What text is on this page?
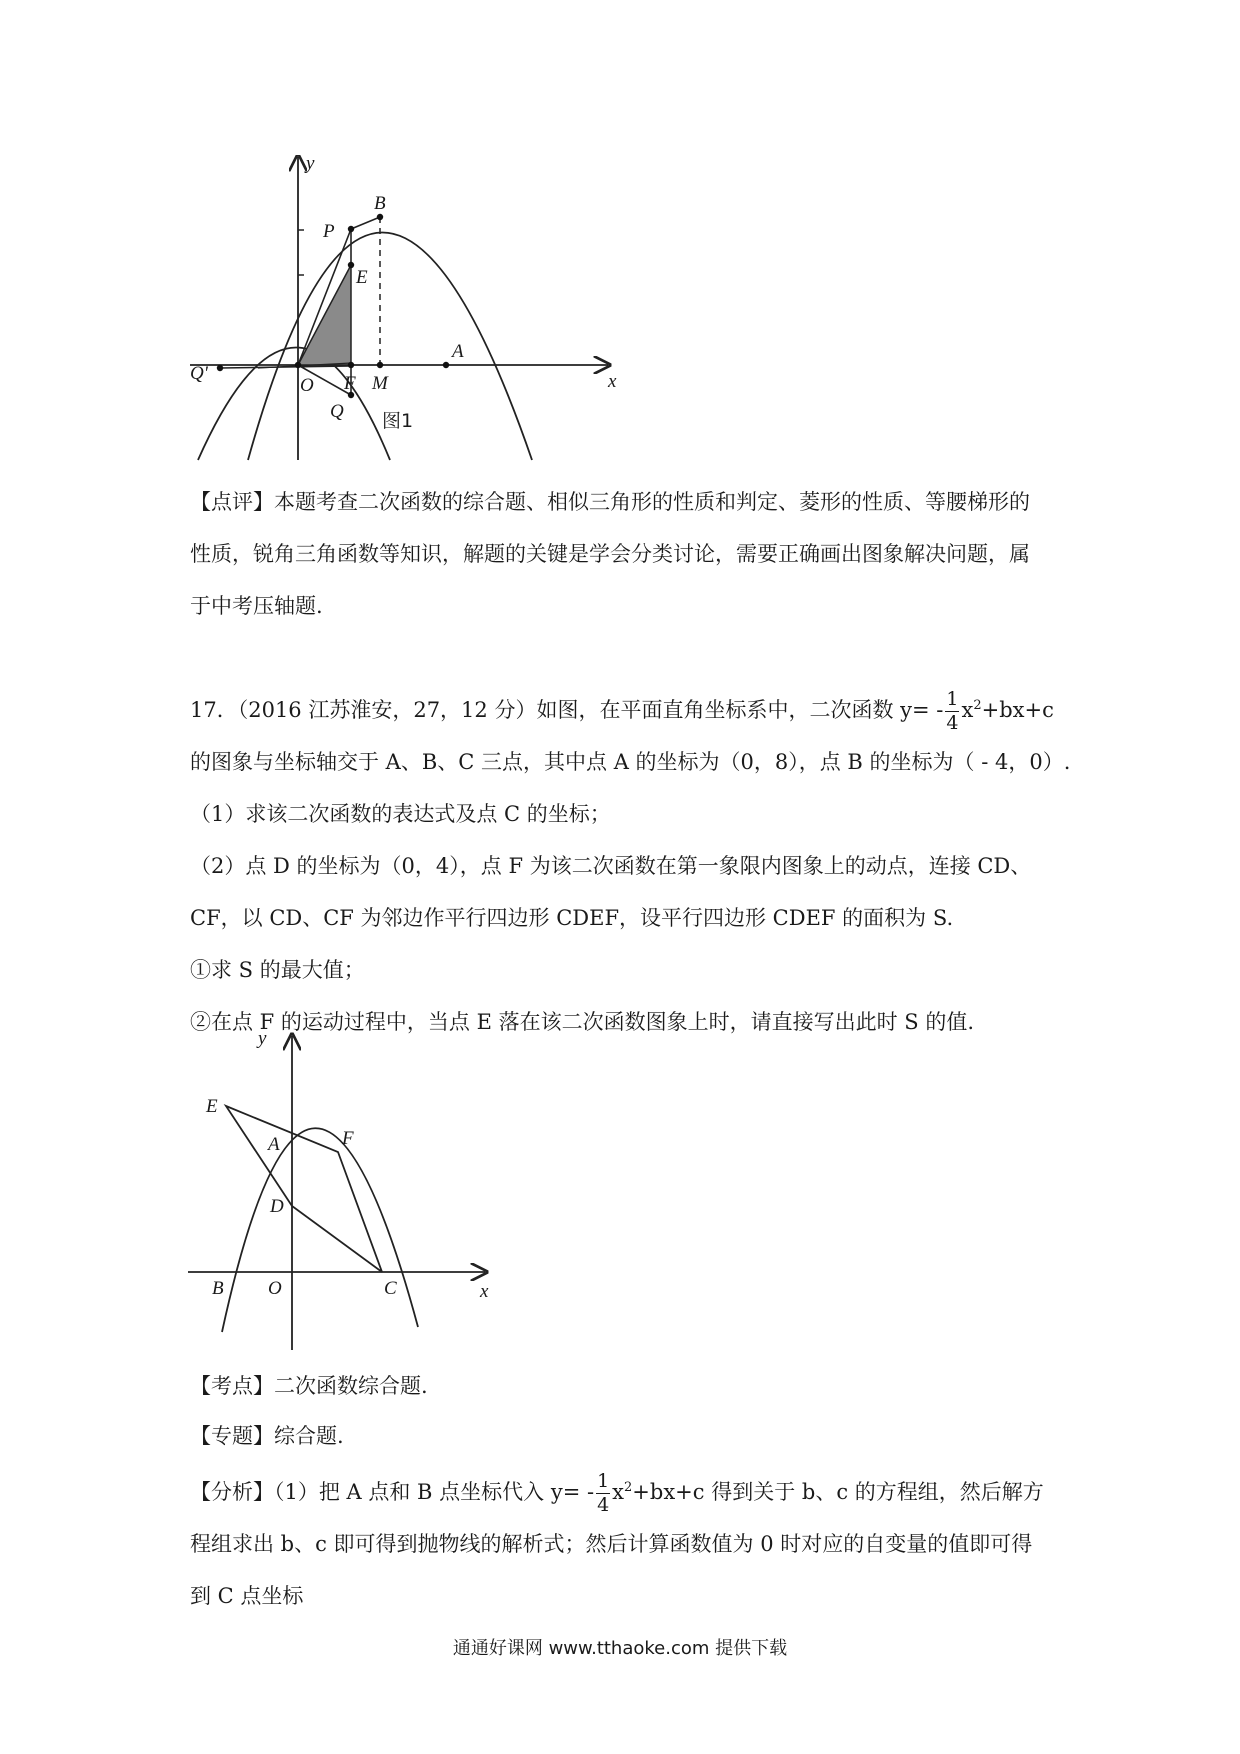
y
x
B
P
E
A
O F M
Q'
Q 图1
【点评】本题考查二次函数的综合题、相似三角形的性质和判定、菱形的性质、等腰梯形的
性质，锐角三角函数等知识，解题的关键是学会分类讨论，需要正确画出图象解决问题，属
于中考压轴题.
17．（2016 江苏淮安，27，12 分）如图，在平面直角坐标系中，二次函数 $y= - \frac{1}{4} x^2+bx+c$
的图象与坐标轴交于 A、B、C 三点，其中点 A 的坐标为（0，8），点 B 的坐标为（ - 4，0）.
（1）求该二次函数的表达式及点 C 的坐标；
（2）点 D 的坐标为（0，4），点 F 为该二次函数在第一象限内图象上的动点，连接 CD、
CF，以 CD、CF 为邻边作平行四边形 CDEF，设平行四边形 CDEF 的面积为 S.
①求 S 的最大值；
②在点 F 的运动过程中，当点 E 落在该二次函数图象上时，请直接写出此时 S 的值.
y
x
E
A	F
D
B O	C
【考点】二次函数综合题.
【专题】综合题.
【分析】（1）把 A 点和 B 点坐标代入 $y= - \frac{1}{4} x^2+bx+c$ 得到关于 b、c 的方程组，然后解方
程组求出 b、c 即可得到抛物线的解析式；然后计算函数值为 0 时对应的自变量的值即可得
到 C 点坐标
通通好课网 www.tthaoke.com 提供下载
